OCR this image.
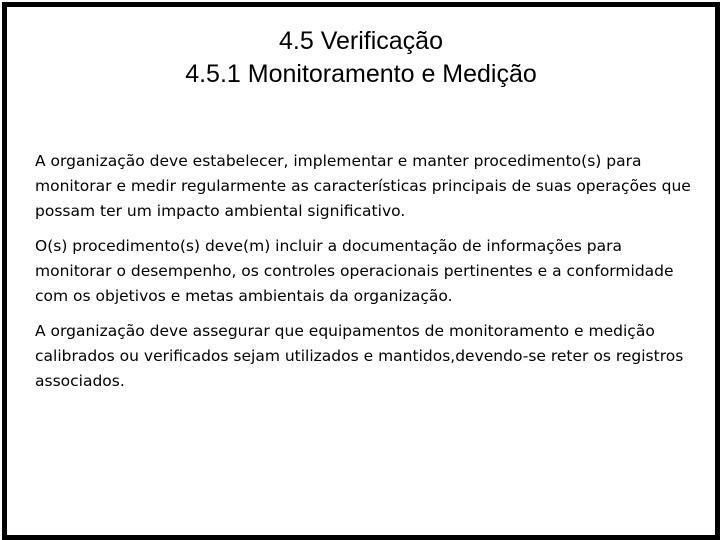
4.5 Verificação
4.5.1 Monitoramento e Medição

A organização deve estabelecer, implementar e manter procedimento(s) para monitorar e medir regularmente as características principais de suas operações que possam ter um impacto ambiental significativo.

O(s) procedimento(s) deve(m) incluir a documentação de informações para monitorar o desempenho, os controles operacionais pertinentes e a conformidade com os objetivos e metas ambientais da organização.

A organização deve assegurar que equipamentos de monitoramento e medição calibrados ou verificados sejam utilizados e mantidos,devendo-se reter os registros associados.
